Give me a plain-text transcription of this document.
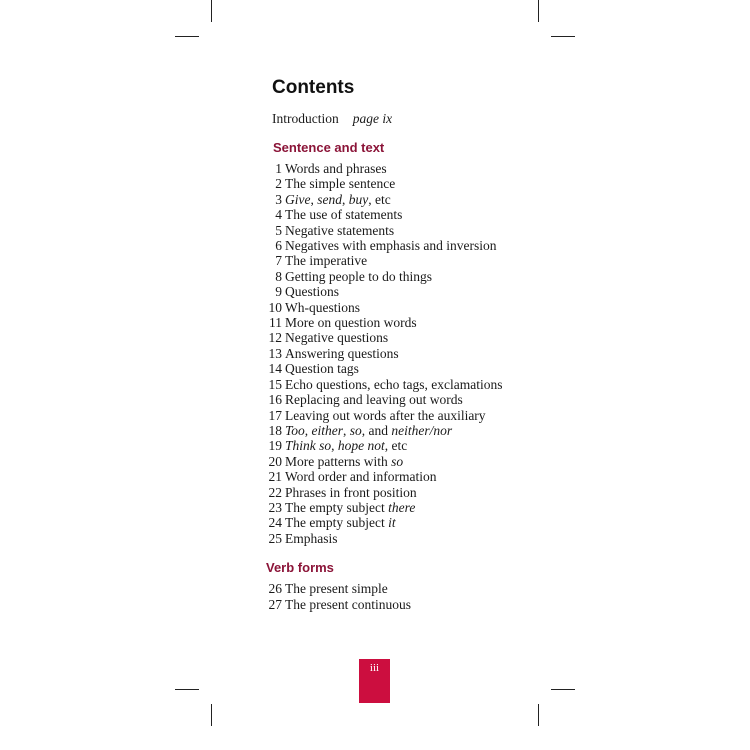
Contents
Introduction page ix
Sentence and text
1 Words and phrases
2 The simple sentence
3 Give, send, buy, etc
4 The use of statements
5 Negative statements
6 Negatives with emphasis and inversion
7 The imperative
8 Getting people to do things
9 Questions
10 Wh-questions
11 More on question words
12 Negative questions
13 Answering questions
14 Question tags
15 Echo questions, echo tags, exclamations
16 Replacing and leaving out words
17 Leaving out words after the auxiliary
18 Too, either, so, and neither/nor
19 Think so, hope not, etc
20 More patterns with so
21 Word order and information
22 Phrases in front position
23 The empty subject there
24 The empty subject it
25 Emphasis
Verb forms
26 The present simple
27 The present continuous
iii
